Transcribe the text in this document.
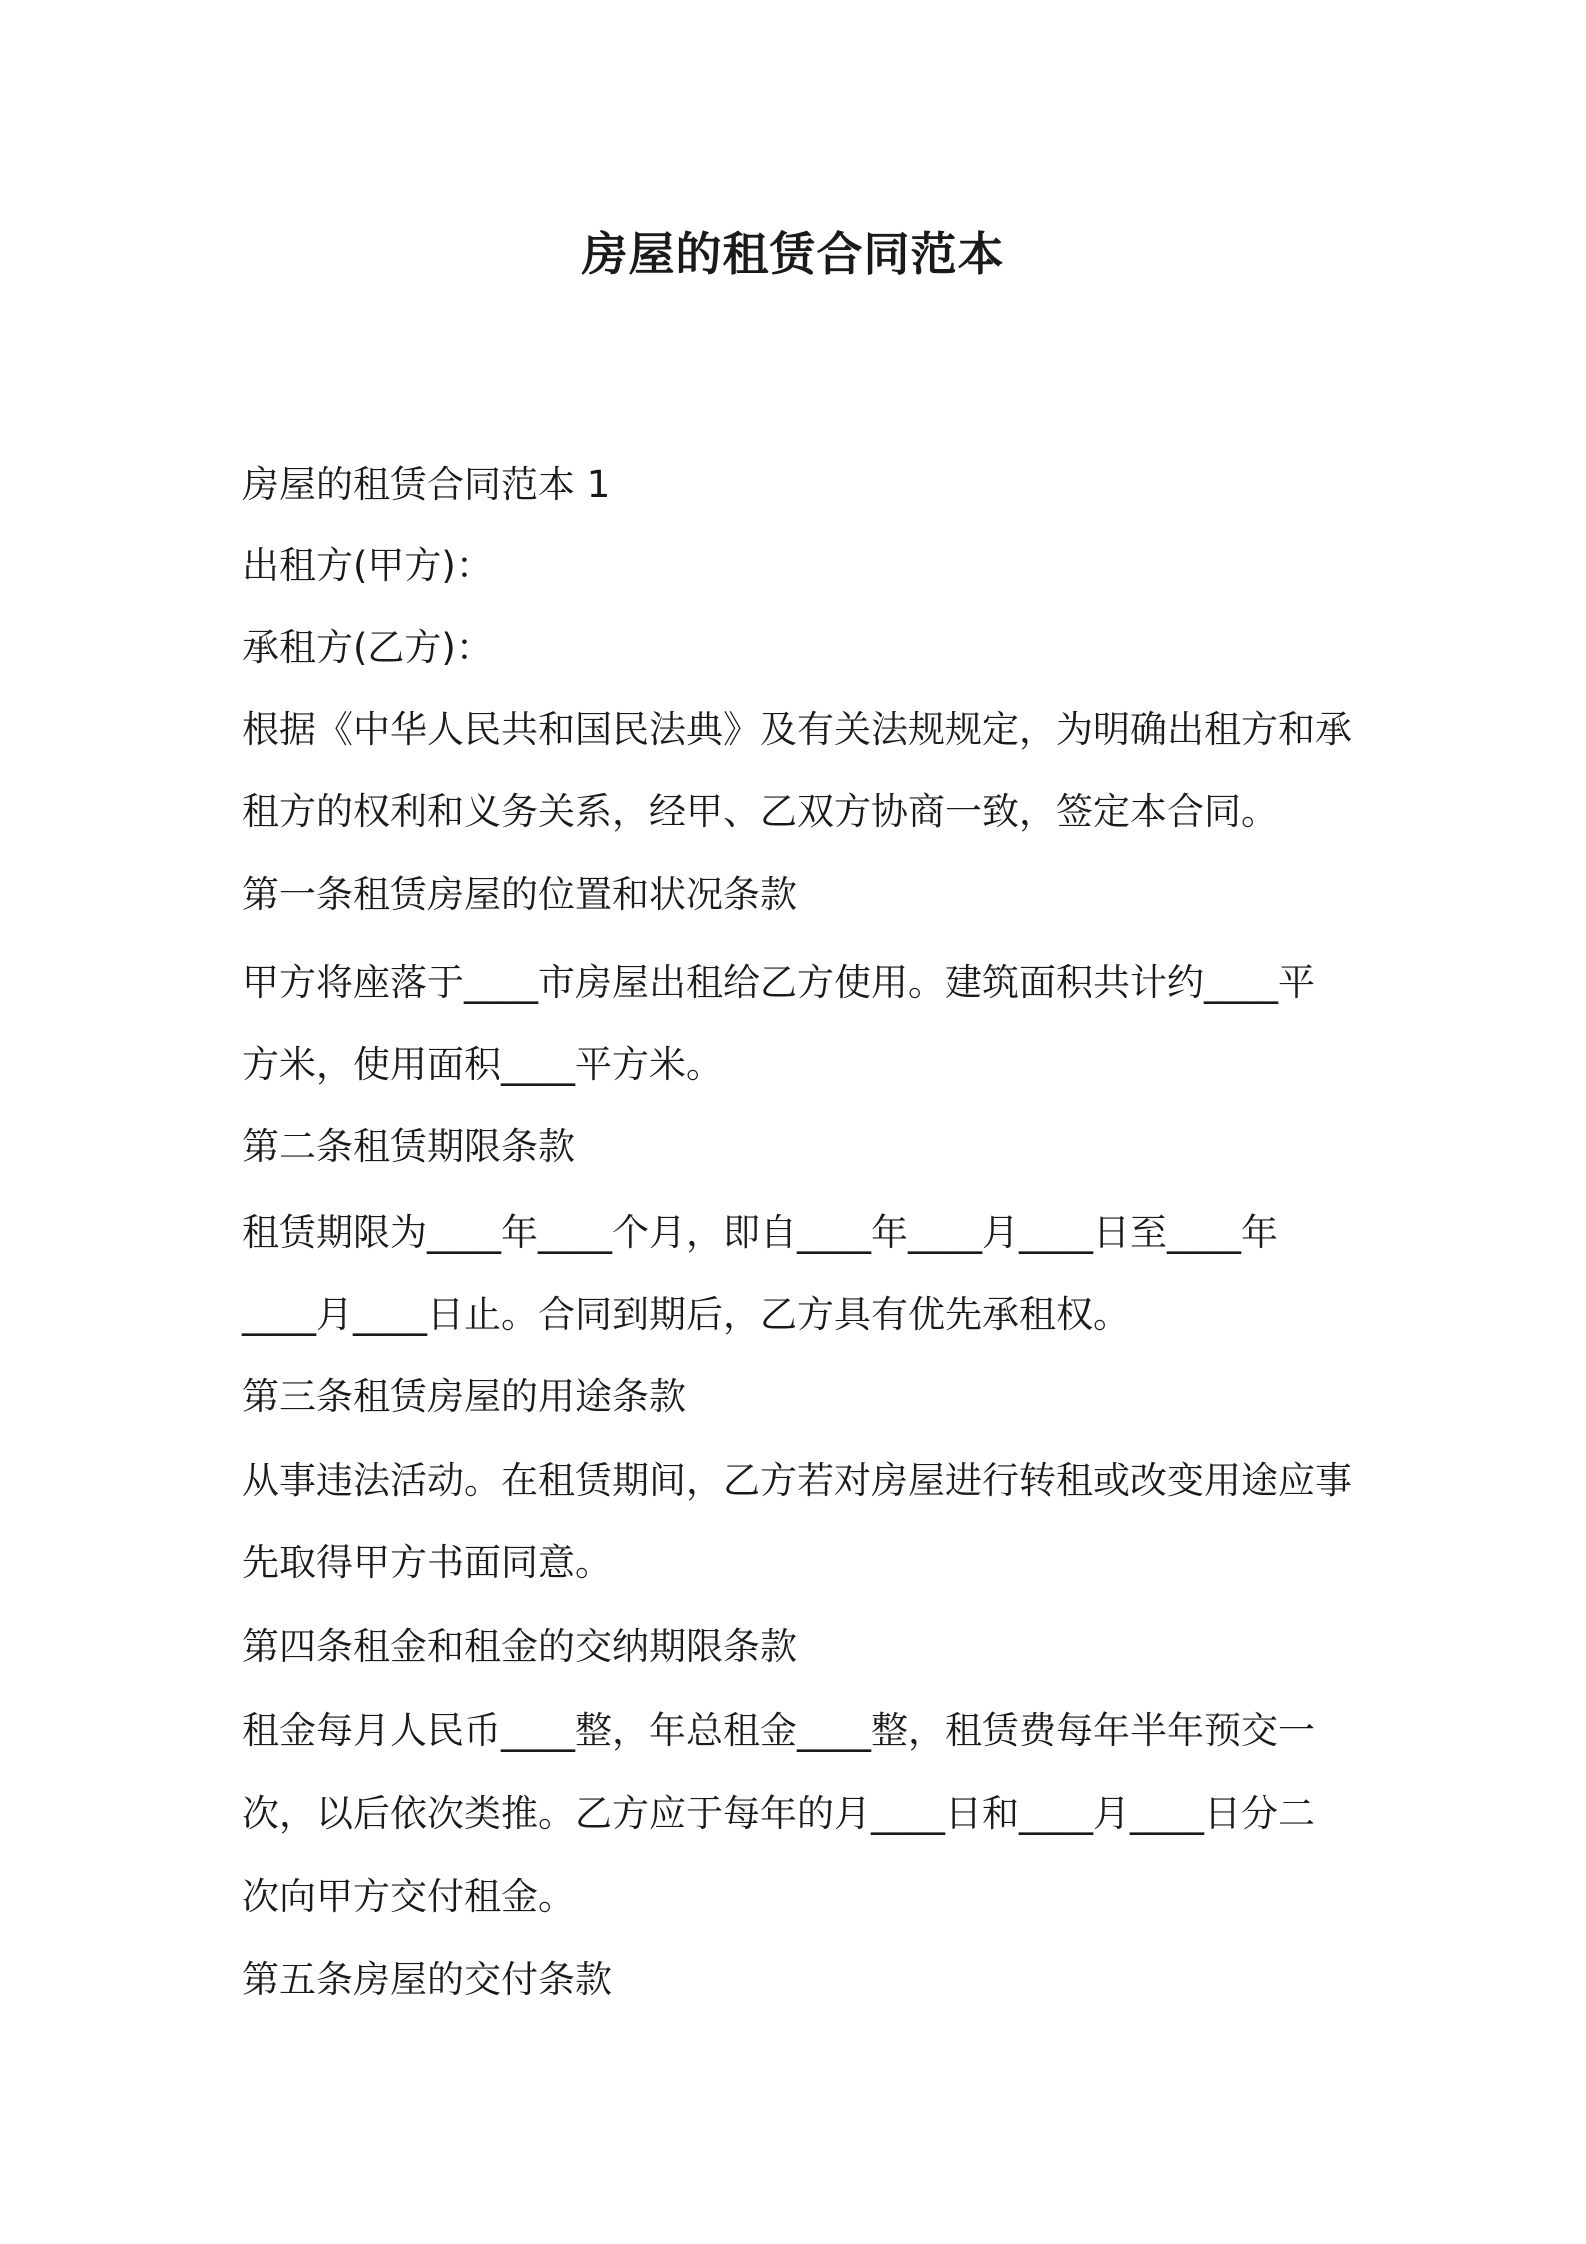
房屋的租赁合同范本

房屋的租赁合同范本 1

出租方(甲方)：

承租方(乙方)：

根据《中华人民共和国民法典》及有关法规规定，为明确出租方和承

租方的权利和义务关系，经甲、乙双方协商一致，签定本合同。

第一条租赁房屋的位置和状况条款

甲方将座落于____市房屋出租给乙方使用。建筑面积共计约____平

方米，使用面积____平方米。

第二条租赁期限条款

租赁期限为____年____个月，即自____年____月____日至____年

____月____日止。合同到期后，乙方具有优先承租权。

第三条租赁房屋的用途条款

从事违法活动。在租赁期间，乙方若对房屋进行转租或改变用途应事

先取得甲方书面同意。

第四条租金和租金的交纳期限条款

租金每月人民币____整，年总租金____整，租赁费每年半年预交一

次，以后依次类推。乙方应于每年的月____日和____月____日分二

次向甲方交付租金。

第五条房屋的交付条款
